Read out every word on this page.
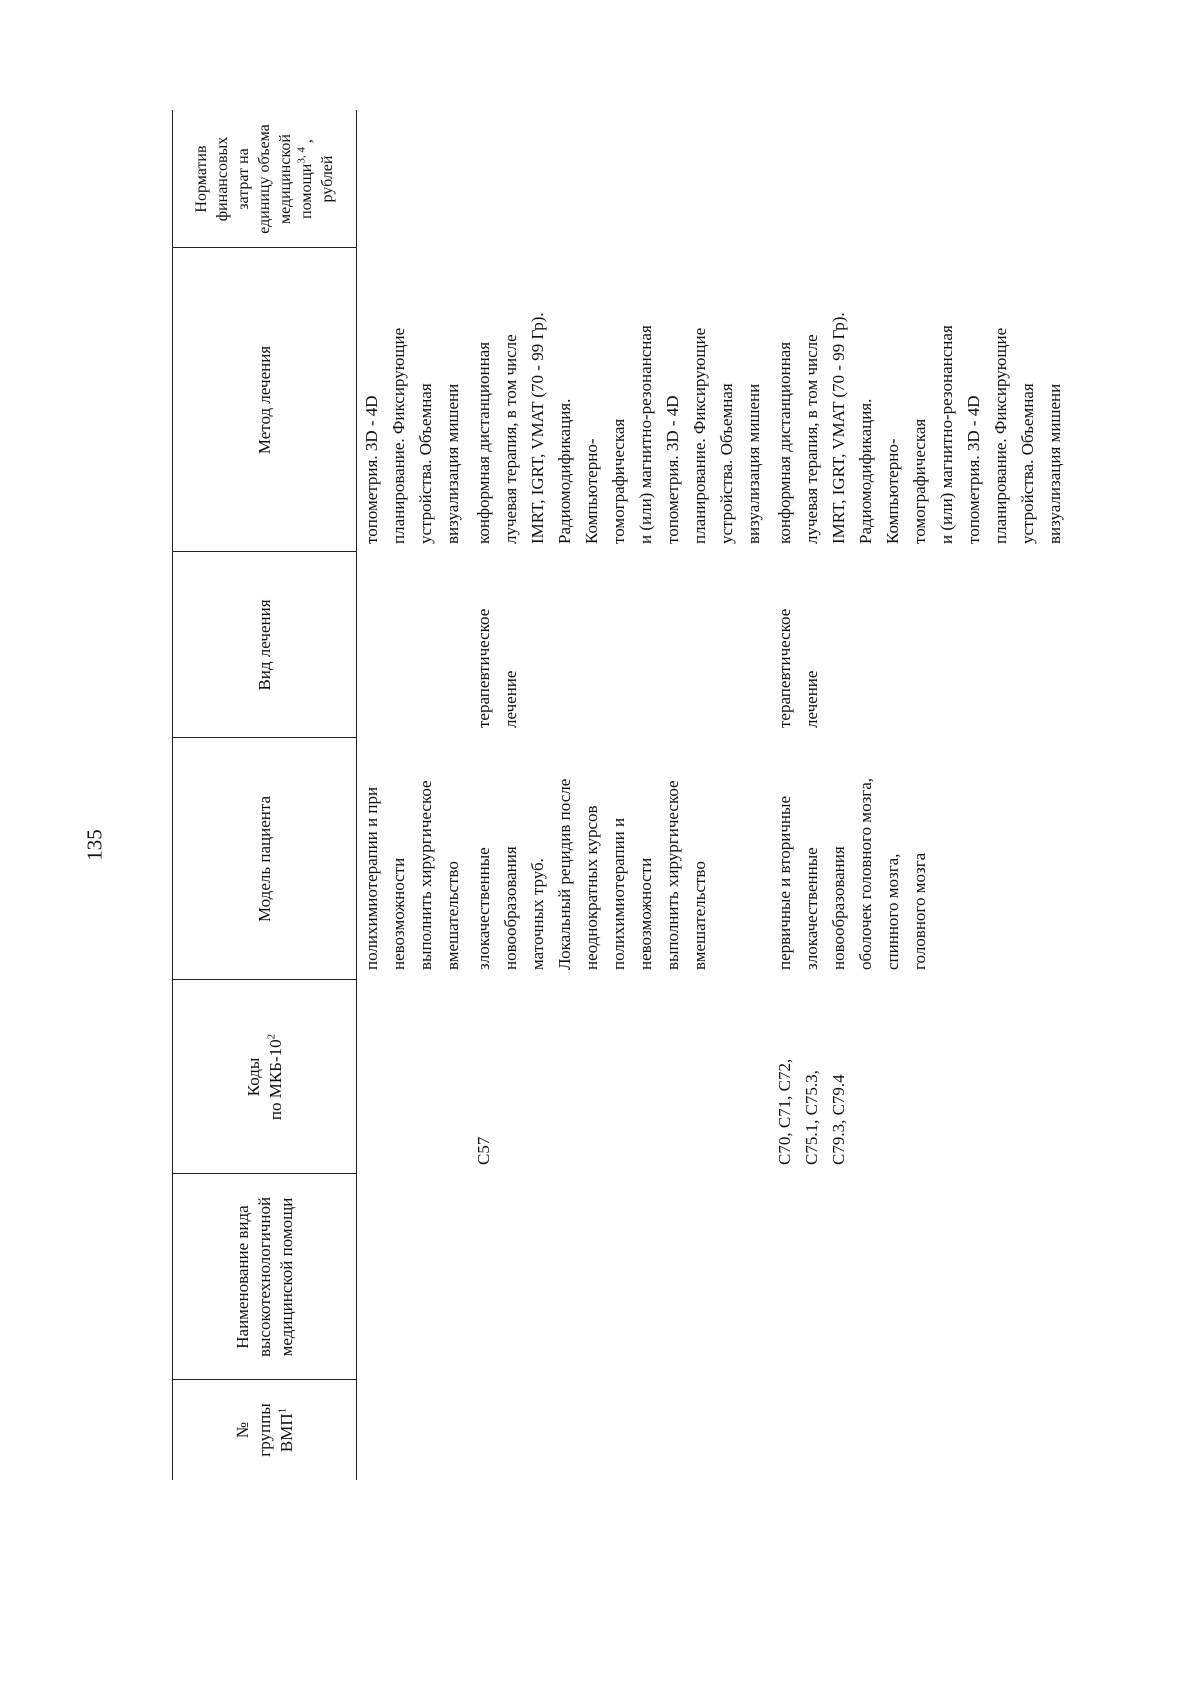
135
№ группы ВМП$^1$
Наименование вида высокотехнологичной медицинской помощи
Коды по МКБ-$10^2$
Модель пациента
Вид лечения
Метод лечения
Норматив финансовых затрат на единицу объема медицинской помощи$^{3, 4}$ ,
рублей
полихимиотерапии и при невозможности выполнить хирургическое вмешательство
топометрия. 3D - 4D планирование. Фиксирующие устройства. Объемная визуализация мишени
C57
злокачественные новообразования маточных труб. Локальный рецидив после неоднократных курсов полихимиотерапии и невозможности выполнить хирургическое вмешательство
терапевтическое лечение
конформная дистанционная лучевая терапия, в том числе IMRT, IGRT, VMAT (70 - 99 Гр). Радиомодификация. Компьютерно- томографическая и (или) магнитно-резонансная топометрия. 3D - 4D планирование. Фиксирующие устройства. Объемная визуализация мишени
C70, C71, C72, C75.1, C75.3, C79.3, C79.4
первичные и вторичные злокачественные новообразования оболочек головного мозга, спинного мозга, головного мозга
терапевтическое лечение
конформная дистанционная лучевая терапия, в том числе IMRT, IGRT, VMAT (70 - 99 Гр). Радиомодификация. Компьютерно- томографическая и (или) магнитно-резонансная топометрия. 3D - 4D планирование. Фиксирующие устройства. Объемная визуализация мишени
